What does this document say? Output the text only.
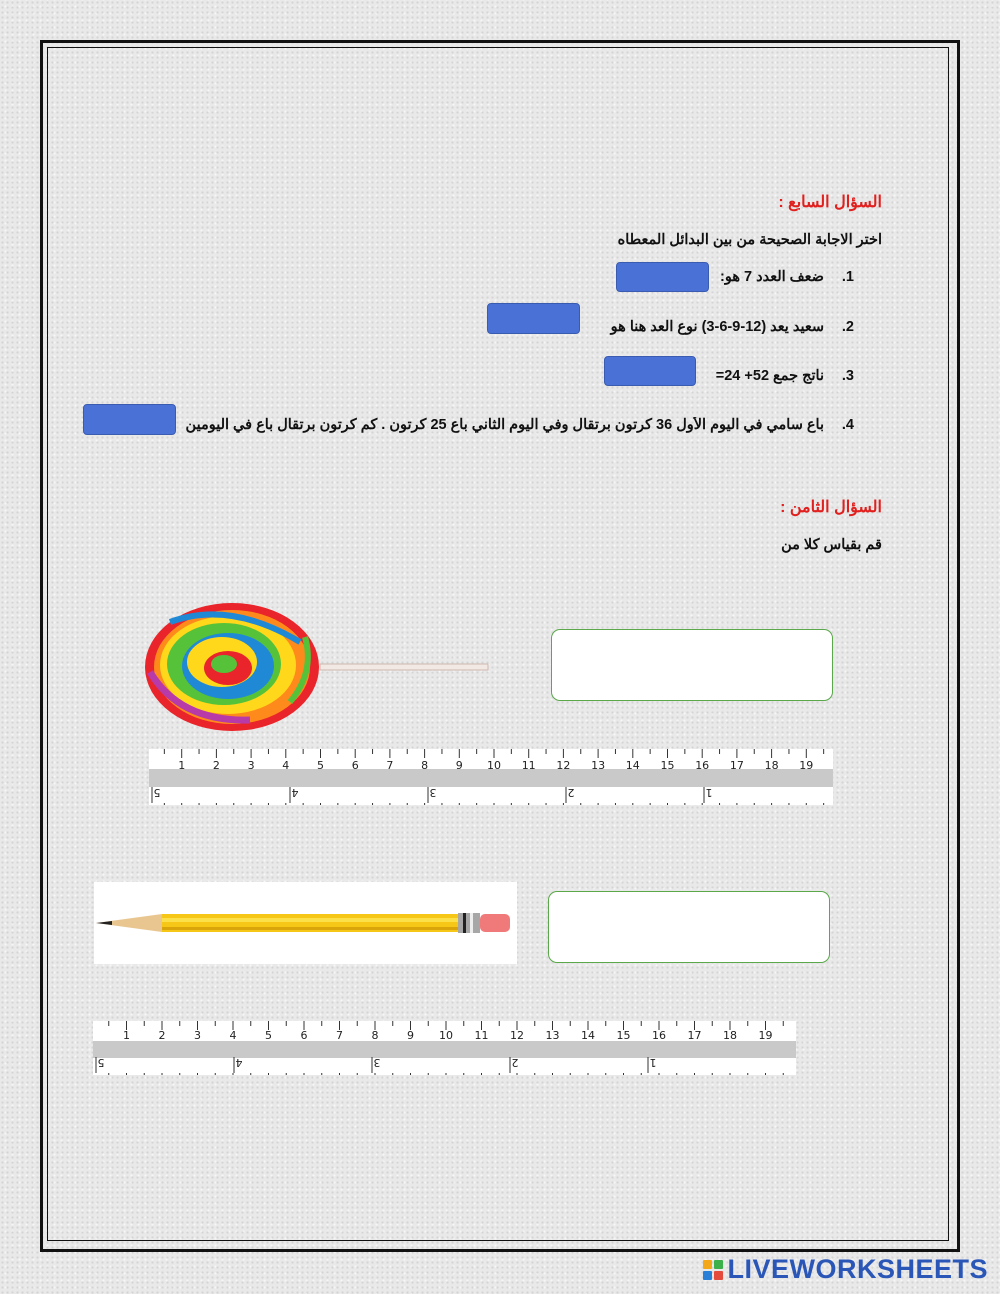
السؤال السابع :
اختر الاجابة الصحيحة من بين البدائل المعطاه
1.
ضعف العدد 7 هو:
2.
سعيد يعد (12-9-6-3) نوع العد هنا هو
3.
ناتج جمع 52+ 24=
4.
باع سامي في اليوم الأول 36 كرتون برتقال وفي اليوم الثاني باع 25 كرتون . كم كرتون برتقال باع في اليومين
السؤال الثامن :
قم بقياس كلا من
1	2	3	4	5	6	7	8	9 10 11 12 13 14 15 16 17 18 19
5	4	3	2	1
1	2	3	4	5	6	7	8	9 10 11 12 13 14 15 16 17 18 19
5	4	3	2	1
LIVEWORKSHEETS
